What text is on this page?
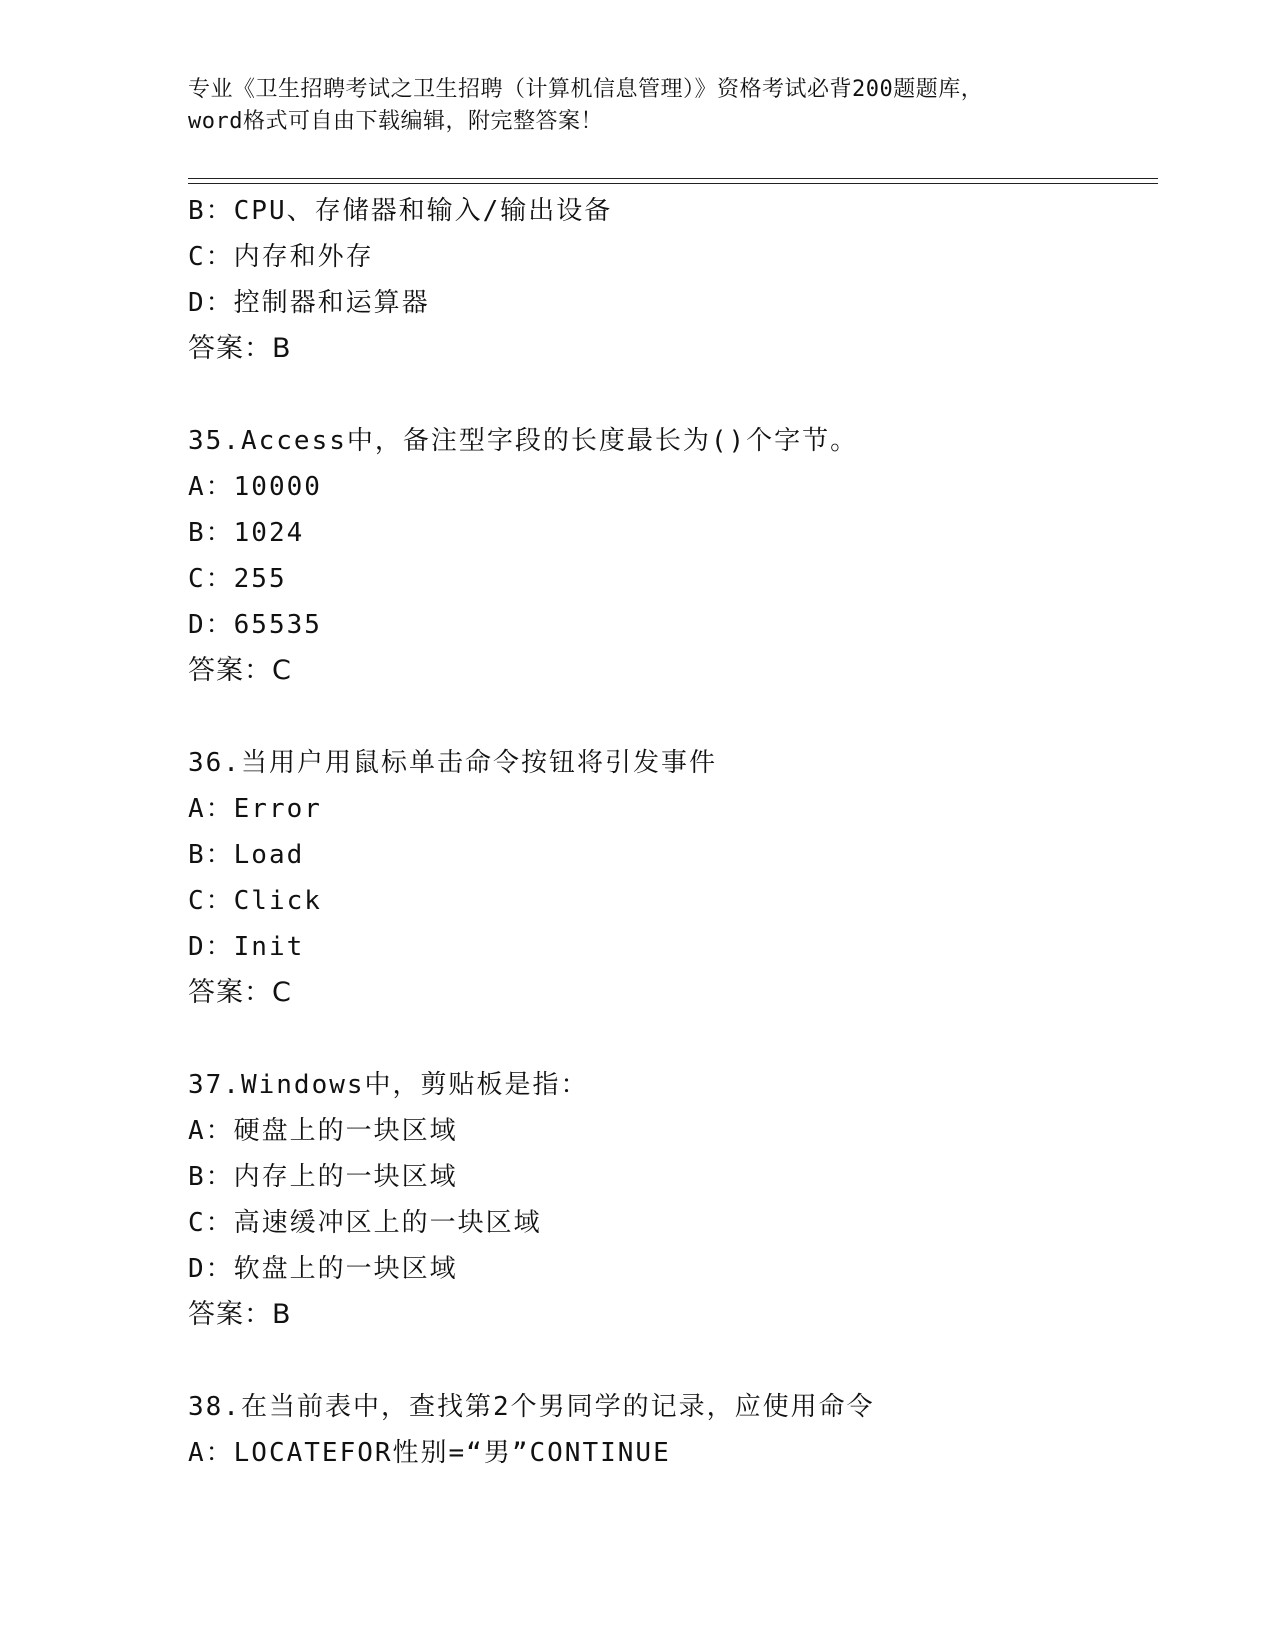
专业《卫生招聘考试之卫生招聘（计算机信息管理）》资格考试必背200题题库，
word格式可自由下载编辑，附完整答案！
B：CPU、存储器和输入/输出设备
C：内存和外存
D：控制器和运算器
答案：B
35.Access中，备注型字段的长度最长为()个字节。
A：10000
B：1024
C：255
D：65535
答案：C
36.当用户用鼠标单击命令按钮将引发事件
A：Error
B：Load
C：Click
D：Init
答案：C
37.Windows中，剪贴板是指：
A：硬盘上的一块区域
B：内存上的一块区域
C：高速缓冲区上的一块区域
D：软盘上的一块区域
答案：B
38.在当前表中，查找第2个男同学的记录，应使用命令
A：LOCATEFOR性别=“男”CONTINUE
